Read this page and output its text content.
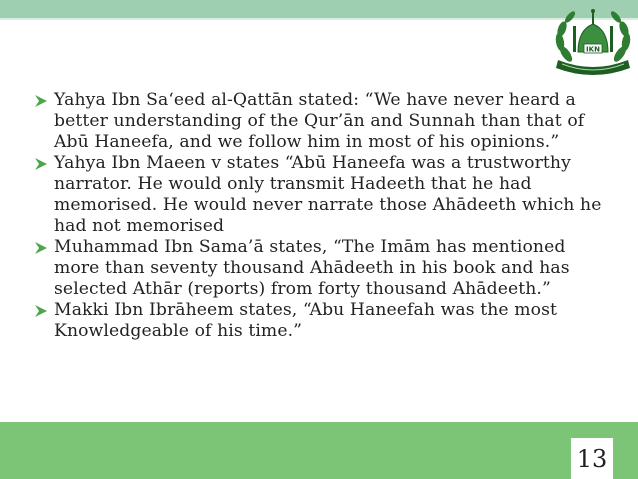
IKN
Yahya Ibn Sa‘eed al-Qattān stated: “We have never heard a better understanding of the Qur’ān and Sunnah than that of Abū Haneefa, and we follow him in most of his opinions.”
Yahya Ibn Maeen v states “Abū Haneefa was a trustworthy narrator. He would only transmit Hadeeth that he had memorised. He would never narrate those Ahādeeth which he had not memorised
Muhammad Ibn Sama’ā states, “The Imām has mentioned more than seventy thousand Ahādeeth in his book and has selected Athār (reports) from forty thousand Ahādeeth.”
Makki Ibn Ibrāheem states, “Abu Haneefah was the most Knowledgeable of his time.”
13
